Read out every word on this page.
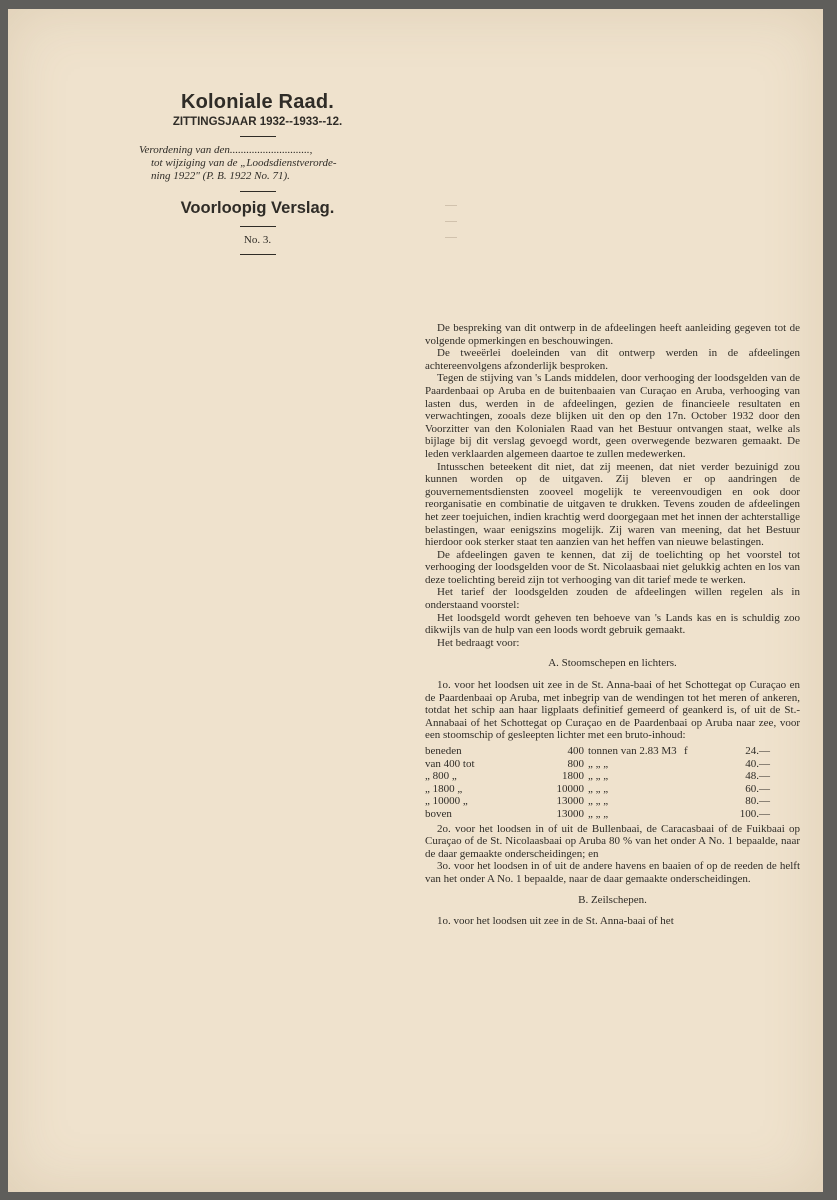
Koloniale Raad.
ZITTINGSJAAR 1932--1933--12.
Verordening van den.............................,
tot wijziging van de „Loodsdienstverorde-
ning 1922" (P. B. 1922 No. 71).
Voorloopig Verslag.
No. 3.

De bespreking van dit ontwerp in de afdeelingen heeft aanleiding gegeven tot de volgende opmerkingen en beschouwingen.

De tweeërlei doeleinden van dit ontwerp werden in de afdeelingen achtereenvolgens afzonderlijk besproken.

Tegen de stijving van 's Lands middelen, door verhooging der loodsgelden van de Paardenbaai op Aruba en de buitenbaaien van Curaçao en Aruba, verhooging van lasten dus, werden in de afdeelingen, gezien de financieele resultaten en verwachtingen, zooals deze blijken uit den op den 17n. October 1932 door den Voorzitter van den Kolonialen Raad van het Bestuur ontvangen staat, welke als bijlage bij dit verslag gevoegd wordt, geen overwegende bezwaren gemaakt. De leden verklaarden algemeen daartoe te zullen medewerken.

Intusschen beteekent dit niet, dat zij meenen, dat niet verder bezuinigd zou kunnen worden op de uitgaven. Zij bleven er op aandringen de gouvernementsdiensten zooveel mogelijk te vereenvoudigen en ook door reorganisatie en combinatie de uitgaven te drukken. Tevens zouden de afdeelingen het zeer toejuichen, indien krachtig werd doorgegaan met het innen der achterstallige belastingen, waar eenigszins mogelijk. Zij waren van meening, dat het Bestuur hierdoor ook sterker staat ten aanzien van het heffen van nieuwe belastingen.

De afdeelingen gaven te kennen, dat zij de toelichting op het voorstel tot verhooging der loodsgelden voor de St. Nicolaasbaai niet gelukkig achten en los van deze toelichting bereid zijn tot verhooging van dit tarief mede te werken.

Het tarief der loodsgelden zouden de afdeelingen willen regelen als in onderstaand voorstel:

Het loodsgeld wordt geheven ten behoeve van 's Lands kas en is schuldig zoo dikwijls van de hulp van een loods wordt gebruik gemaakt.

Het bedraagt voor:

A. Stoomschepen en lichters.

1o. voor het loodsen uit zee in de St. Anna-baai of het Schottegat op Curaçao en de Paardenbaai op Aruba, met inbegrip van de wendingen tot het meren of ankeren, totdat het schip aan haar ligplaats definitief gemeerd of geankerd is, of uit de St.-Annabaai of het Schottegat op Curaçao en de Paardenbaai op Aruba naar zee, voor een stoomschip of gesleepten lichter met een bruto-inhoud:

beneden	400	tonnen van 2.83 M3	f	24.—
van 400 tot	800	„ „ „		40.—
„ 800 „	1800	„ „ „		48.—
„ 1800 „	10000	„ „ „		60.—
„ 10000 „	13000	„ „ „		80.—
boven	13000	„ „ „		100.—

2o. voor het loodsen in of uit de Bullenbaai, de Caracasbaai of de Fuikbaai op Curaçao of de St. Nicolaasbaai op Aruba 80 % van het onder A No. 1 bepaalde, naar de daar gemaakte onderscheidingen; en

3o. voor het loodsen in of uit de andere havens en baaien of op de reeden de helft van het onder A No. 1 bepaalde, naar de daar gemaakte onderscheidingen.

B. Zeilschepen.

1o. voor het loodsen uit zee in de St. Anna-baai of het
